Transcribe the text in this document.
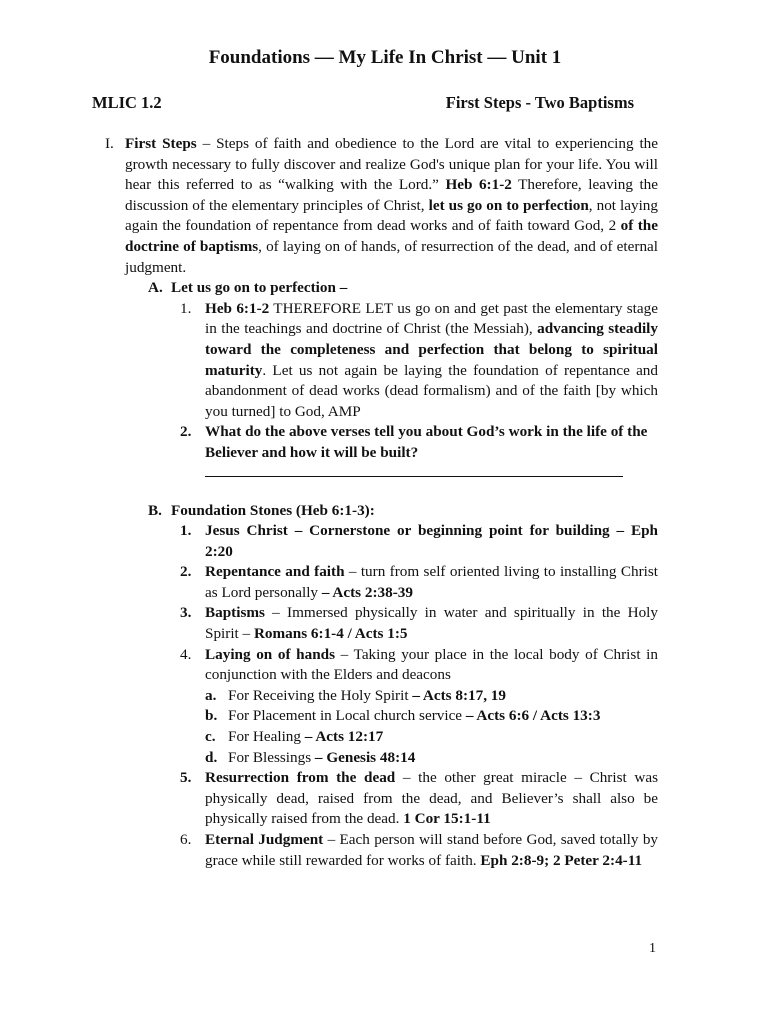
Foundations — My Life In Christ — Unit 1
MLIC 1.2	First Steps - Two Baptisms
I. First Steps – Steps of faith and obedience to the Lord are vital to experiencing the growth necessary to fully discover and realize God's unique plan for your life. You will hear this referred to as “walking with the Lord.” Heb 6:1-2 Therefore, leaving the discussion of the elementary principles of Christ, let us go on to perfection, not laying again the foundation of repentance from dead works and of faith toward God, 2 of the doctrine of baptisms, of laying on of hands, of resurrection of the dead, and of eternal judgment.
A. Let us go on to perfection –
1. Heb 6:1-2 THEREFORE LET us go on and get past the elementary stage in the teachings and doctrine of Christ (the Messiah), advancing steadily toward the completeness and perfection that belong to spiritual maturity. Let us not again be laying the foundation of repentance and abandonment of dead works (dead formalism) and of the faith [by which you turned] to God, AMP
2. What do the above verses tell you about God’s work in the life of the Believer and how it will be built?
B. Foundation Stones (Heb 6:1-3):
1. Jesus Christ – Cornerstone or beginning point for building – Eph 2:20
2. Repentance and faith – turn from self oriented living to installing Christ as Lord personally – Acts 2:38-39
3. Baptisms – Immersed physically in water and spiritually in the Holy Spirit – Romans 6:1-4 / Acts 1:5
4. Laying on of hands – Taking your place in the local body of Christ in conjunction with the Elders and deacons
a. For Receiving the Holy Spirit – Acts 8:17, 19
b. For Placement in Local church service – Acts 6:6 / Acts 13:3
c. For Healing – Acts 12:17
d. For Blessings – Genesis 48:14
5. Resurrection from the dead – the other great miracle – Christ was physically dead, raised from the dead, and Believer’s shall also be physically raised from the dead. 1 Cor 15:1-11
6. Eternal Judgment – Each person will stand before God, saved totally by grace while still rewarded for works of faith. Eph 2:8-9; 2 Peter 2:4-11
1
